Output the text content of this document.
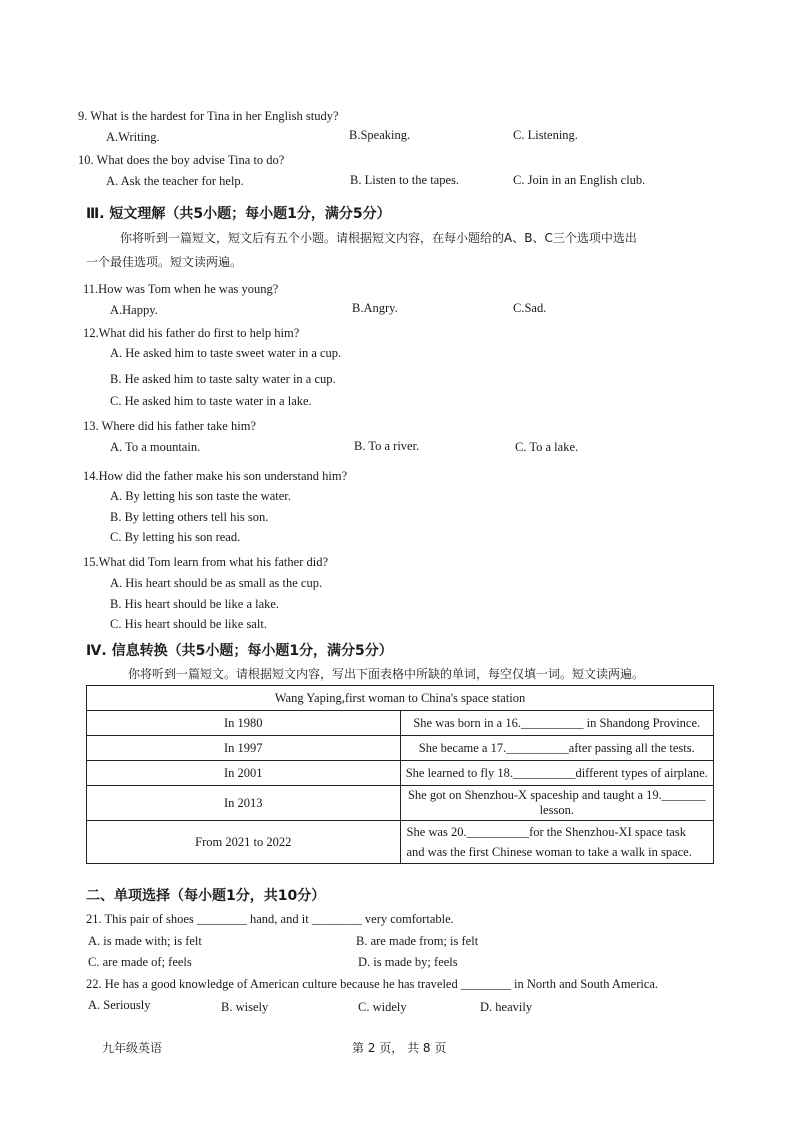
9. What is the hardest for Tina in her English study?
A.Writing.	B.Speaking.	C. Listening.
10. What does the boy advise Tina to do?
A. Ask the teacher for help.	B. Listen to the tapes.	C. Join in an English club.
Ⅲ. 短文理解（共5小题；每小题1分，满分5分）
你将听到一篇短文，短文后有五个小题。请根据短文内容，在每小题给的A、B、C三个选项中选出
一个最佳选项。短文读两遍。
11.How was Tom when he was young?
A.Happy.	B.Angry.	C.Sad.
12.What did his father do first to help him?
A. He asked him to taste sweet water in a cup.
B. He asked him to taste salty water in a cup.
C. He asked him to taste water in a lake.
13. Where did his father take him?
A. To a mountain.	B. To a river.	C. To a lake.
14.How did the father make his son understand him?
A. By letting his son taste the water.
B. By letting others tell his son.
C. By letting his son read.
15.What did Tom learn from what his father did?
A. His heart should be as small as the cup.
B. His heart should be like a lake.
C. His heart should be like salt.
Ⅳ. 信息转换（共5小题；每小题1分，满分5分）
你将听到一篇短文。请根据短文内容，写出下面表格中所缺的单词，每空仅填一词。短文读两遍。
Wang Yaping,first woman to China's space station	
In 1980	She was born in a 16.__________ in Shandong Province.
In 1997	She became a 17.__________after passing all the tests.
In 2001	She learned to fly 18.__________different types of airplane.
In 2013	She got on Shenzhou-X spaceship and taught a 19._______ lesson.
From 2021 to 2022	She was 20.__________for the Shenzhou-XI space task and was the first Chinese woman to take a walk in space.
二、单项选择（每小题1分，共10分）
21. This pair of shoes ________ hand, and it ________ very comfortable.
A. is made with; is felt	B. are made from; is felt
C. are made of; feels	D. is made by; feels
22. He has a good knowledge of American culture because he has traveled ________ in North and South America.
A. Seriously	B. wisely	C. widely	D. heavily
九年级英语	第 2 页， 共 8 页
